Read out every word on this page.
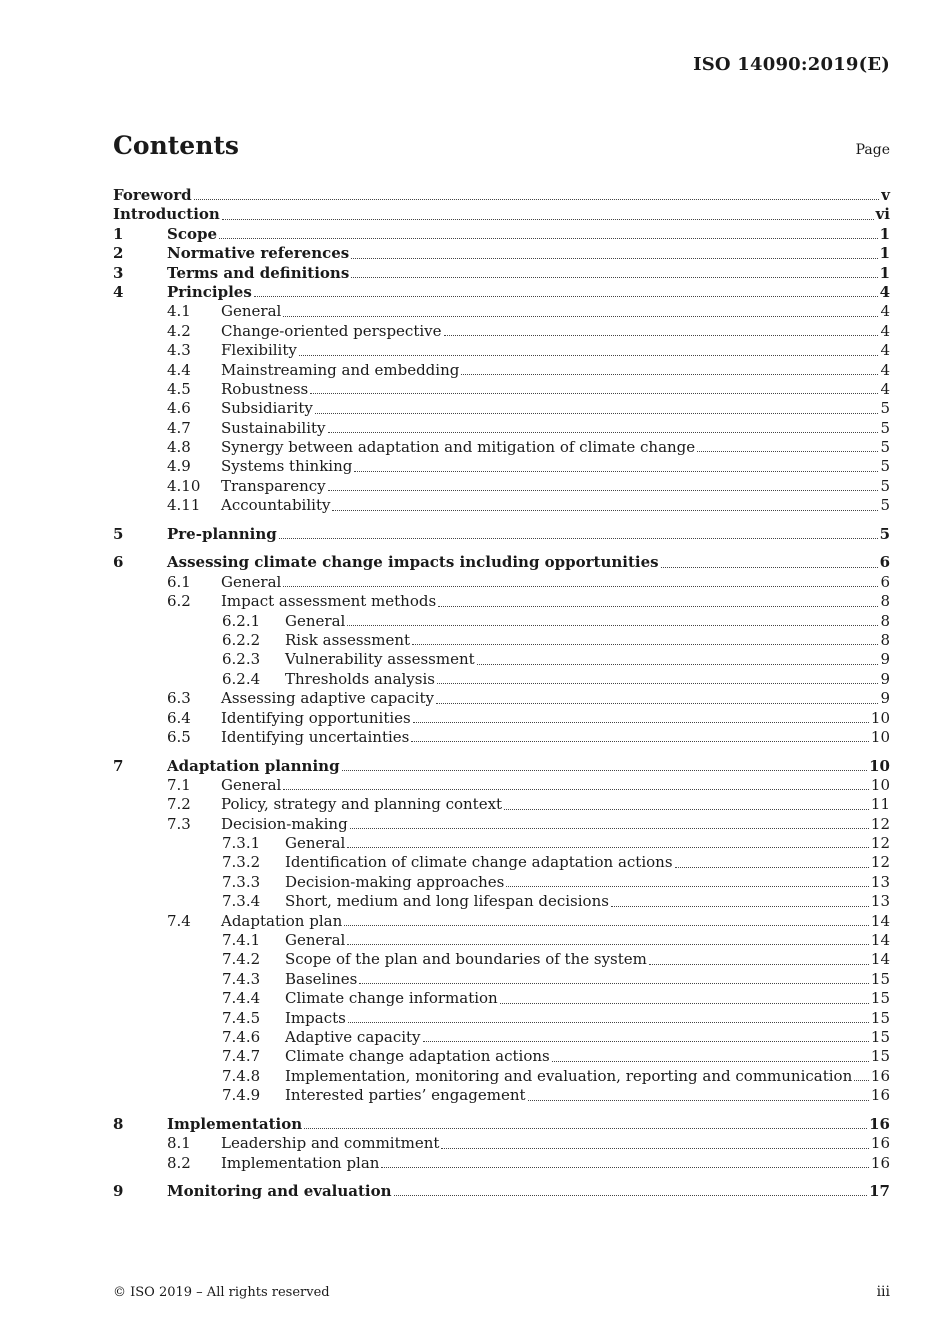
ISO 14090:2019(E)
Contents	Page
Foreword	v
Introduction	vi
1	Scope	1
2	Normative references	1
3	Terms and definitions	1
4	Principles	4
4.1	General	4
4.2	Change-oriented perspective	4
4.3	Flexibility	4
4.4	Mainstreaming and embedding	4
4.5	Robustness	4
4.6	Subsidiarity	5
4.7	Sustainability	5
4.8	Synergy between adaptation and mitigation of climate change	5
4.9	Systems thinking	5
4.10	Transparency	5
4.11	Accountability	5
5	Pre-planning	5
6	Assessing climate change impacts including opportunities	6
6.1	General	6
6.2	Impact assessment methods	8
6.2.1	General	8
6.2.2	Risk assessment	8
6.2.3	Vulnerability assessment	9
6.2.4	Thresholds analysis	9
6.3	Assessing adaptive capacity	9
6.4	Identifying opportunities	10
6.5	Identifying uncertainties	10
7	Adaptation planning	10
7.1	General	10
7.2	Policy, strategy and planning context	11
7.3	Decision-making	12
7.3.1	General	12
7.3.2	Identification of climate change adaptation actions	12
7.3.3	Decision-making approaches	13
7.3.4	Short, medium and long lifespan decisions	13
7.4	Adaptation plan	14
7.4.1	General	14
7.4.2	Scope of the plan and boundaries of the system	14
7.4.3	Baselines	15
7.4.4	Climate change information	15
7.4.5	Impacts	15
7.4.6	Adaptive capacity	15
7.4.7	Climate change adaptation actions	15
7.4.8	Implementation, monitoring and evaluation, reporting and communication 16
7.4.9	Interested parties’ engagement	16
8	Implementation	16
8.1	Leadership and commitment	16
8.2	Implementation plan	16
9	Monitoring and evaluation	17
© ISO 2019 – All rights reserved	iii
